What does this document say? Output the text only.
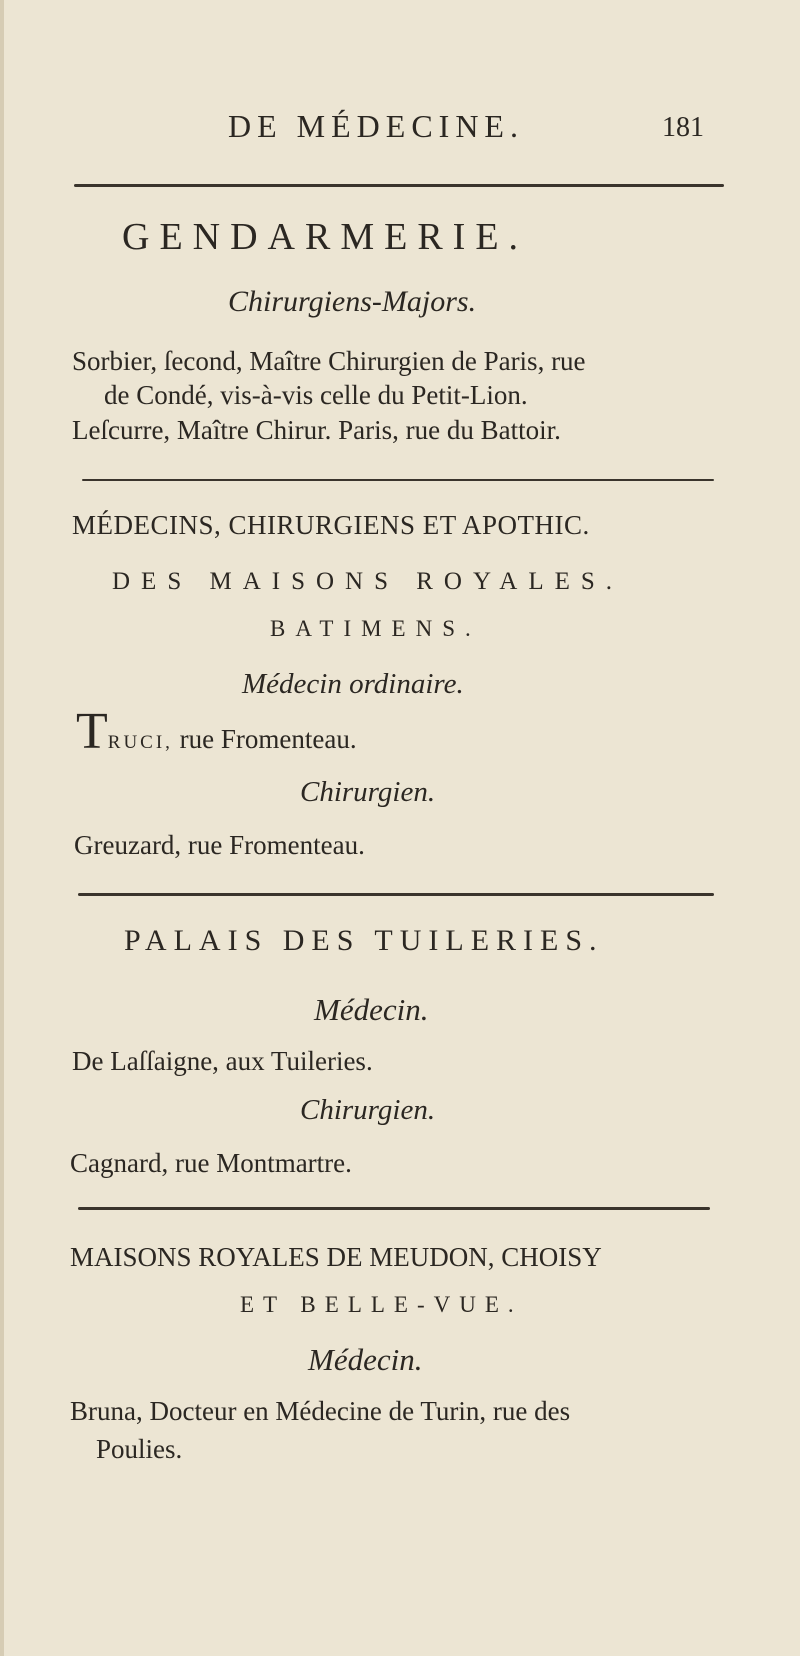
DE MÉDECINE.	181
GENDARMERIE.
Chirurgiens-Majors.
Sorbier, ſecond, Maître Chirurgien de Paris, rue
de Condé, vis-à-vis celle du Petit-Lion.
Leſcurre, Maître Chirur. Paris, rue du Battoir.
MÉDECINS, CHIRURGIENS ET APOTHIC.
DES MAISONS ROYALES.
BATIMENS.
Médecin ordinaire.
TRUCI, rue Fromenteau.
Chirurgien.
Greuzard, rue Fromenteau.
PALAIS DES TUILERIES.
Médecin.
De Laſſaigne, aux Tuileries.
Chirurgien.
Cagnard, rue Montmartre.
MAISONS ROYALES DE MEUDON, CHOISY
ET BELLE-VUE.
Médecin.
Bruna, Docteur en Médecine de Turin, rue des
Poulies.
